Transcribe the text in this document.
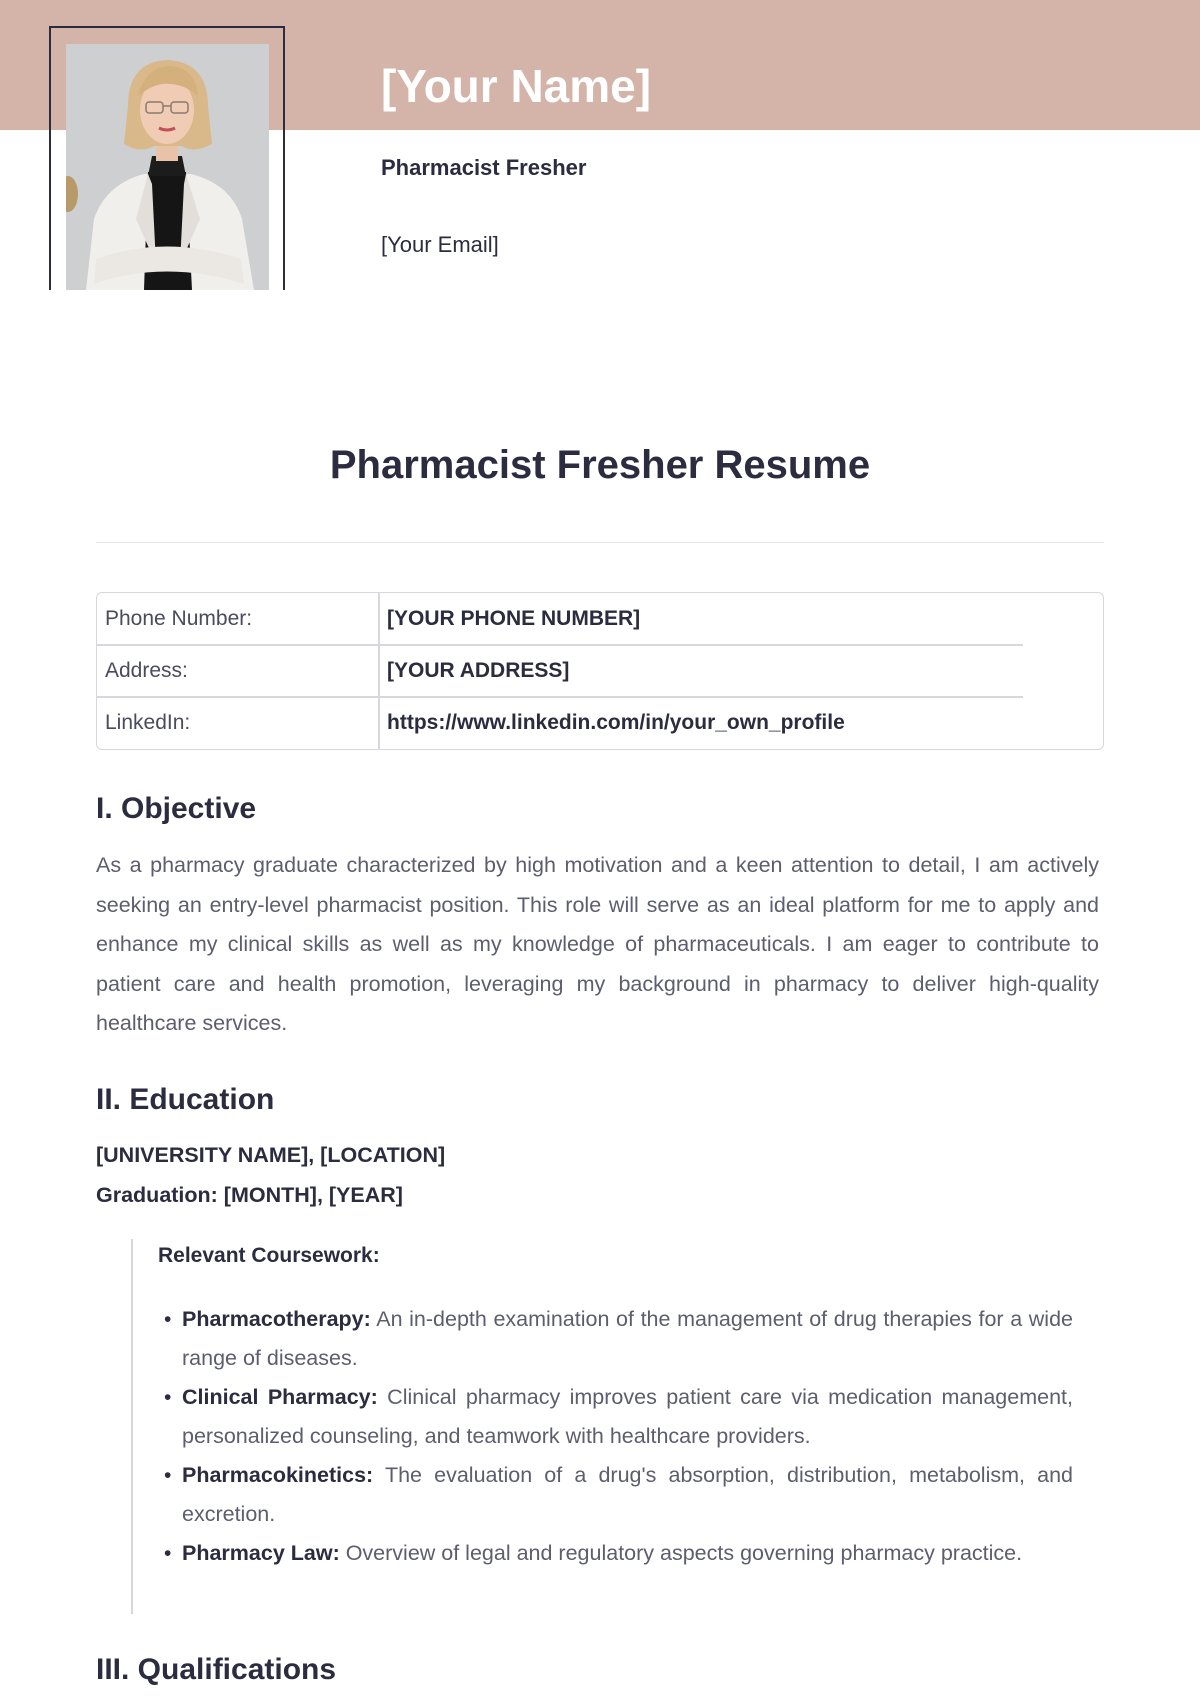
[Your Name]
Pharmacist Fresher
[Your Email]
Pharmacist Fresher Resume
Phone Number:	[YOUR PHONE NUMBER]
Address:	[YOUR ADDRESS]
LinkedIn:	https://www.linkedin.com/in/your_own_profile
I. Objective

As a pharmacy graduate characterized by high motivation and a keen attention to detail, I am actively seeking an entry-level pharmacist position. This role will serve as an ideal platform for me to apply and enhance my clinical skills as well as my knowledge of pharmaceuticals. I am eager to contribute to patient care and health promotion, leveraging my background in pharmacy to deliver high-quality healthcare services.

II. Education
[UNIVERSITY NAME], [LOCATION]
Graduation: [MONTH], [YEAR]
Relevant Coursework:
• Pharmacotherapy: An in-depth examination of the management of drug therapies for a wide range of diseases.
• Clinical Pharmacy: Clinical pharmacy improves patient care via medication management, personalized counseling, and teamwork with healthcare providers.
• Pharmacokinetics: The evaluation of a drug's absorption, distribution, metabolism, and excretion.
• Pharmacy Law: Overview of legal and regulatory aspects governing pharmacy practice.
III. Qualifications
